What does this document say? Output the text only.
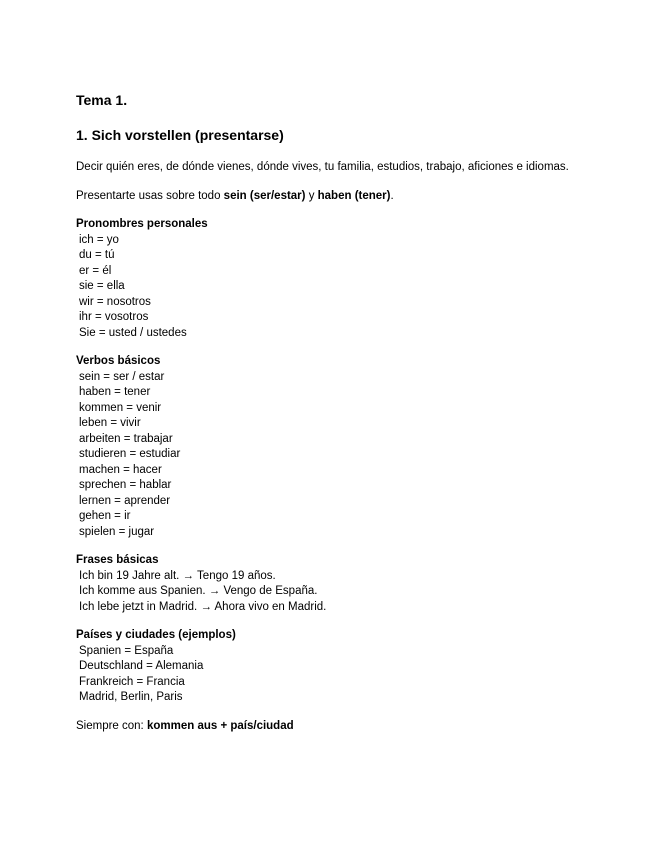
Tema 1.
1. Sich vorstellen (presentarse)

Decir quién eres, de dónde vienes, dónde vives, tu familia, estudios, trabajo, aficiones e idiomas.

Presentarte usas sobre todo sein (ser/estar) y haben (tener).

Pronombres personales
ich = yo
du = tú
er = él
sie = ella
wir = nosotros
ihr = vosotros
Sie = usted / ustedes
Verbos básicos
sein = ser / estar
haben = tener
kommen = venir
leben = vivir
arbeiten = trabajar
studieren = estudiar
machen = hacer
sprechen = hablar
lernen = aprender
gehen = ir
spielen = jugar
Frases básicas
Ich bin 19 Jahre alt. → Tengo 19 años.
Ich komme aus Spanien. → Vengo de España.
Ich lebe jetzt in Madrid. → Ahora vivo en Madrid.
Países y ciudades (ejemplos)
Spanien = España
Deutschland = Alemania
Frankreich = Francia
Madrid, Berlin, Paris

Siempre con: kommen aus + país/ciudad
